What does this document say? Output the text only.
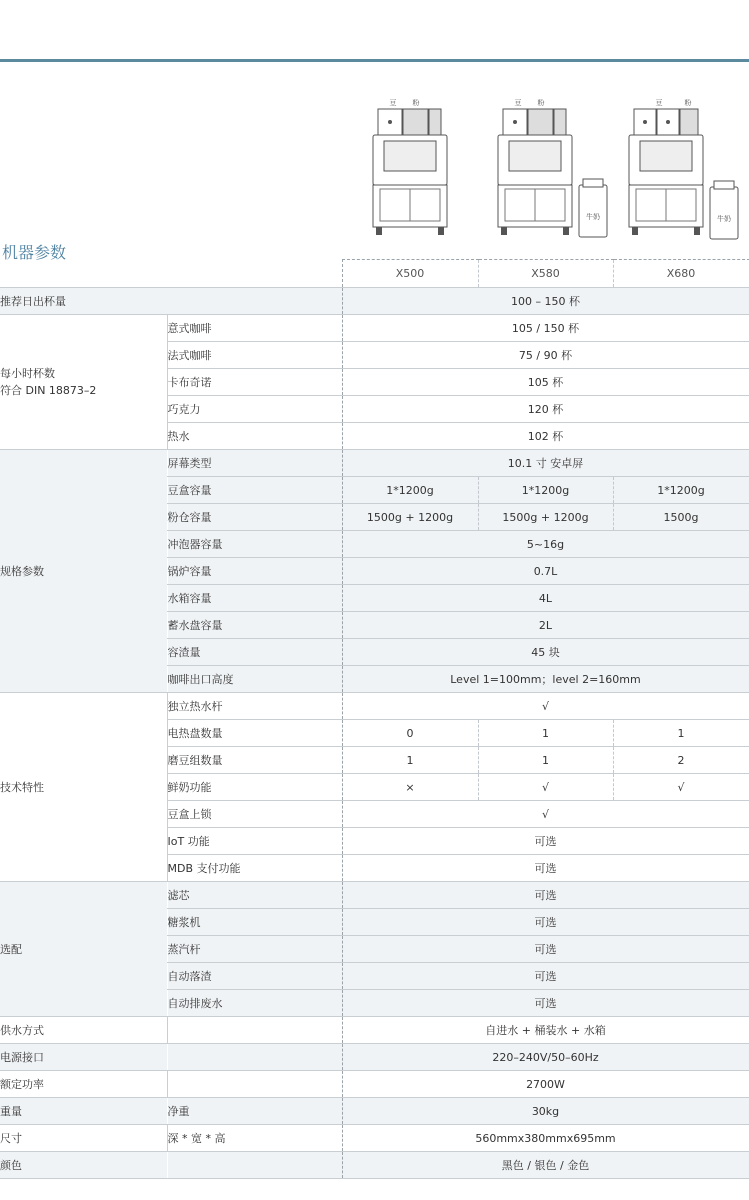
豆 粉	豆 粉
牛奶
豆	粉
牛奶
机器参数
		X500	X580	X680
推荐日出杯量		100 – 150 杯		
每小时杯数
符合 DIN 18873–2	意式咖啡	105 / 150 杯		
	法式咖啡	75 / 90 杯		
	卡布奇诺	105 杯		
	巧克力	120 杯		
	热水	102 杯		
规格参数	屏幕类型	10.1 寸 安卓屏		
	豆盒容量	1*1200g	1*1200g	1*1200g
	粉仓容量	1500g + 1200g	1500g + 1200g	1500g
	冲泡器容量	5~16g		
	锅炉容量	0.7L		
	水箱容量	4L		
	蓄水盘容量	2L		
	容渣量	45 块		
	咖啡出口高度	Level 1=100mm；level 2=160mm		
技术特性	独立热水杆	√		
	电热盘数量	0	1	1
	磨豆组数量	1	1	2
	鲜奶功能	×	√	√
	豆盒上锁	√		
	IoT 功能	可选		
	MDB 支付功能	可选		
选配	滤芯	可选		
	糖浆机	可选		
	蒸汽杆	可选		
	自动落渣	可选		
	自动排废水	可选		
供水方式		自进水 + 桶装水 + 水箱		
电源接口		220–240V/50–60Hz		
额定功率		2700W		
重量	净重	30kg		
尺寸	深 * 宽 * 高	560mmx380mmx695mm		
颜色		黑色 / 银色 / 金色		
